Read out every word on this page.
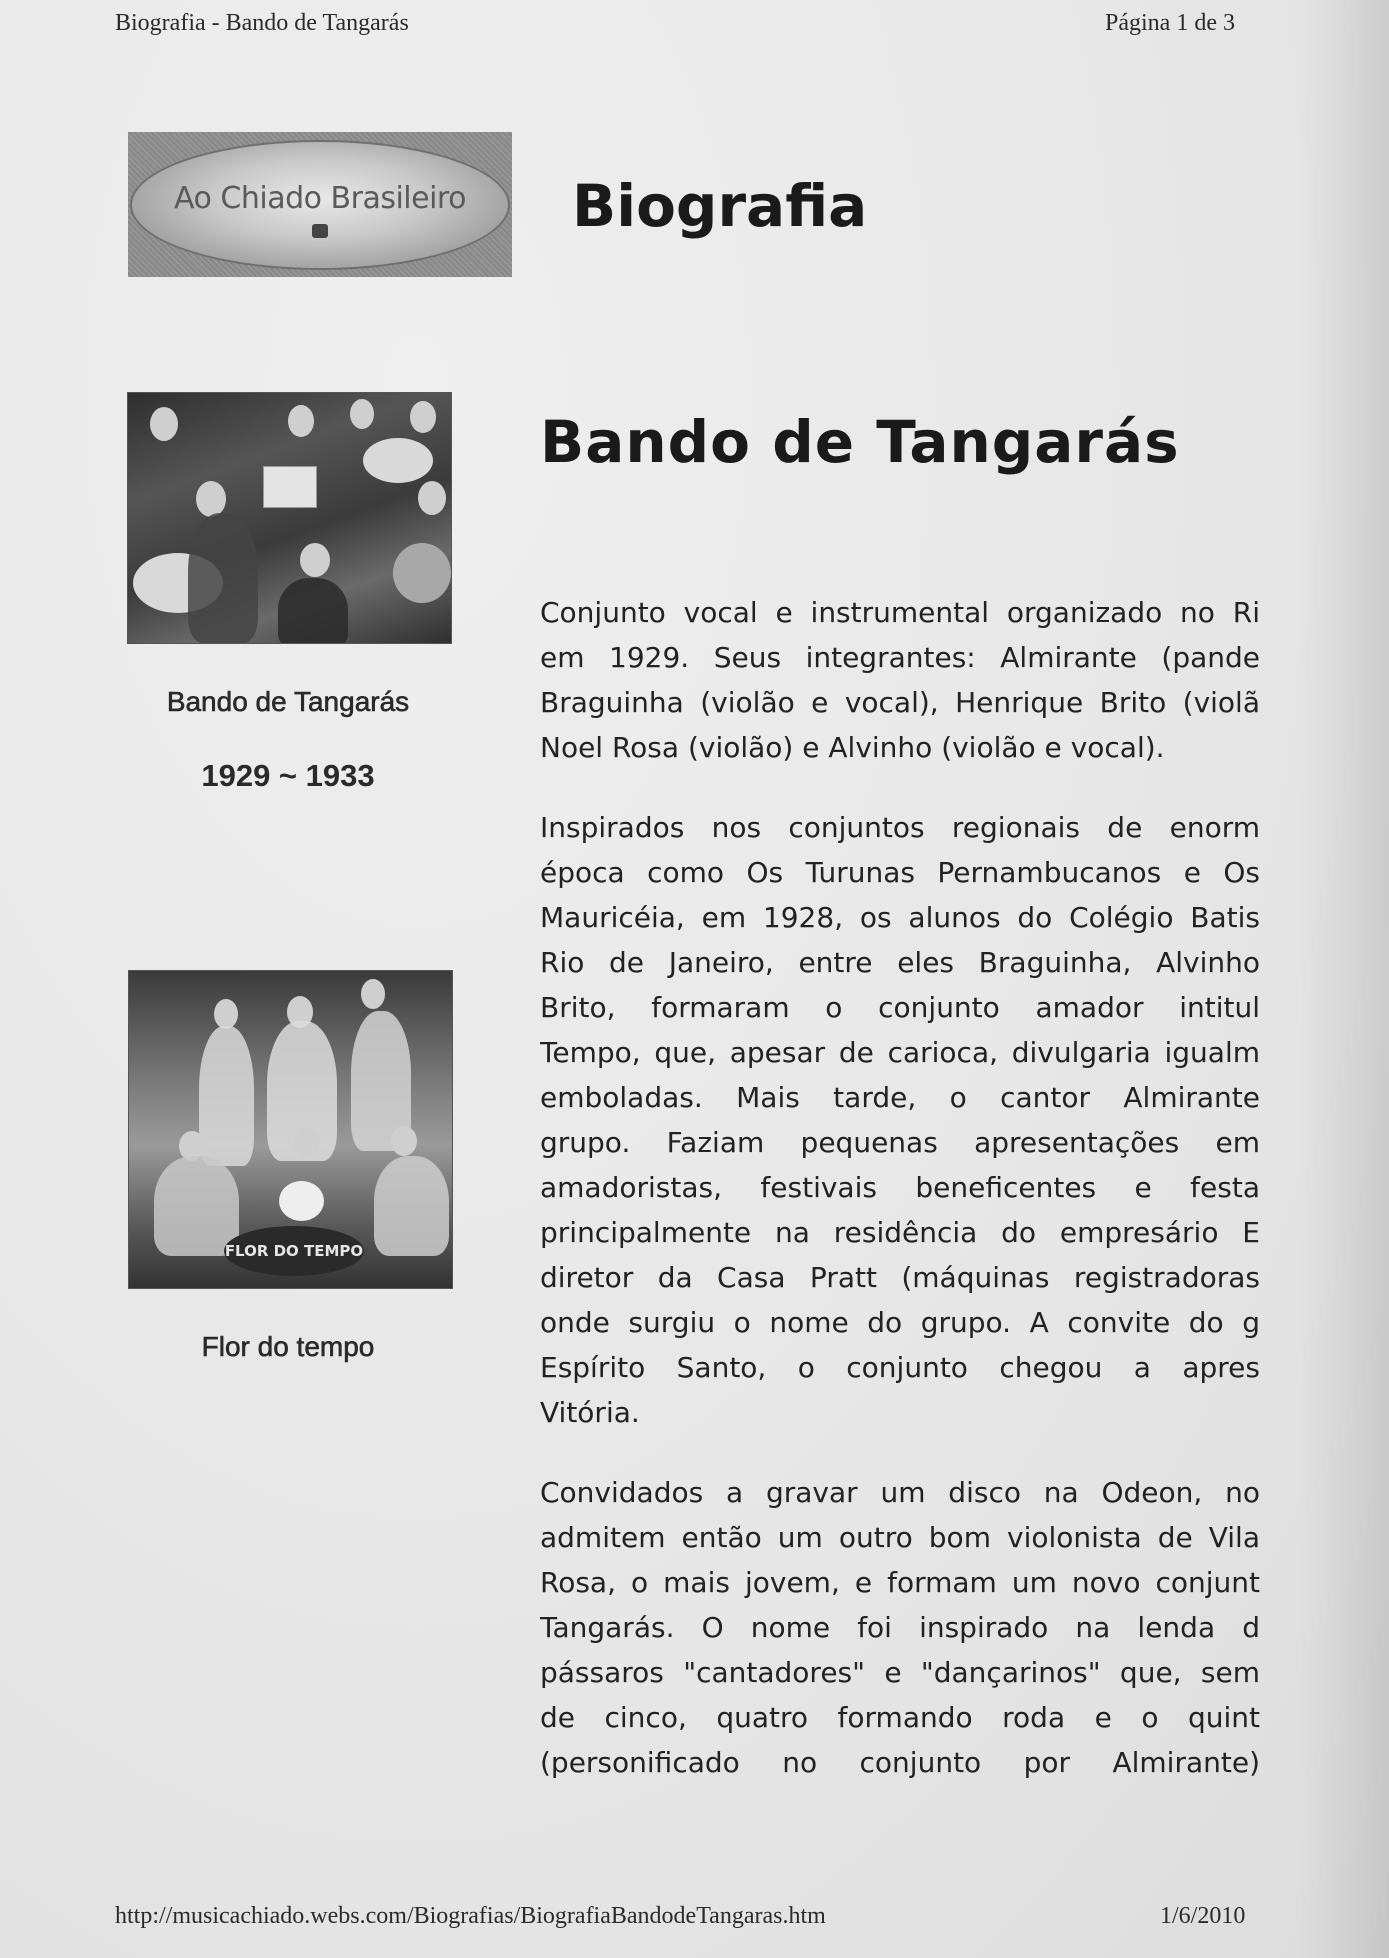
Biografia - Bando de Tangarás	Página 1 de 3
Ao Chiado Brasileiro Biografia
Bando de Tangarás
1929 ~ 1933
Bando de Tangarás
FLOR DO TEMPO
Flor do tempo
Conjunto vocal e instrumental organizado no Ri
em 1929. Seus integrantes: Almirante (pande
Braguinha (violão e vocal), Henrique Brito (violã
Noel Rosa (violão) e Alvinho (violão e vocal).
Inspirados nos conjuntos regionais de enorm
época como Os Turunas Pernambucanos e Os
Mauricéia, em 1928, os alunos do Colégio Batis
Rio de Janeiro, entre eles Braguinha, Alvinho
Brito, formaram o conjunto amador intitul
Tempo, que, apesar de carioca, divulgaria igualm
emboladas. Mais tarde, o cantor Almirante
grupo. Faziam pequenas apresentações em
amadoristas, festivais beneficentes e festa
principalmente na residência do empresário E
diretor da Casa Pratt (máquinas registradoras
onde surgiu o nome do grupo. A convite do g
Espírito Santo, o conjunto chegou a apres
Vitória.
Convidados a gravar um disco na Odeon, no
admitem então um outro bom violonista de Vila
Rosa, o mais jovem, e formam um novo conjunt
Tangarás. O nome foi inspirado na lenda d
pássaros "cantadores" e "dançarinos" que, sem
de cinco, quatro formando roda e o quint
(personificado no conjunto por Almirante)
http://musicachiado.webs.com/Biografias/BiografiaBandodeTangaras.htm	1/6/2010
